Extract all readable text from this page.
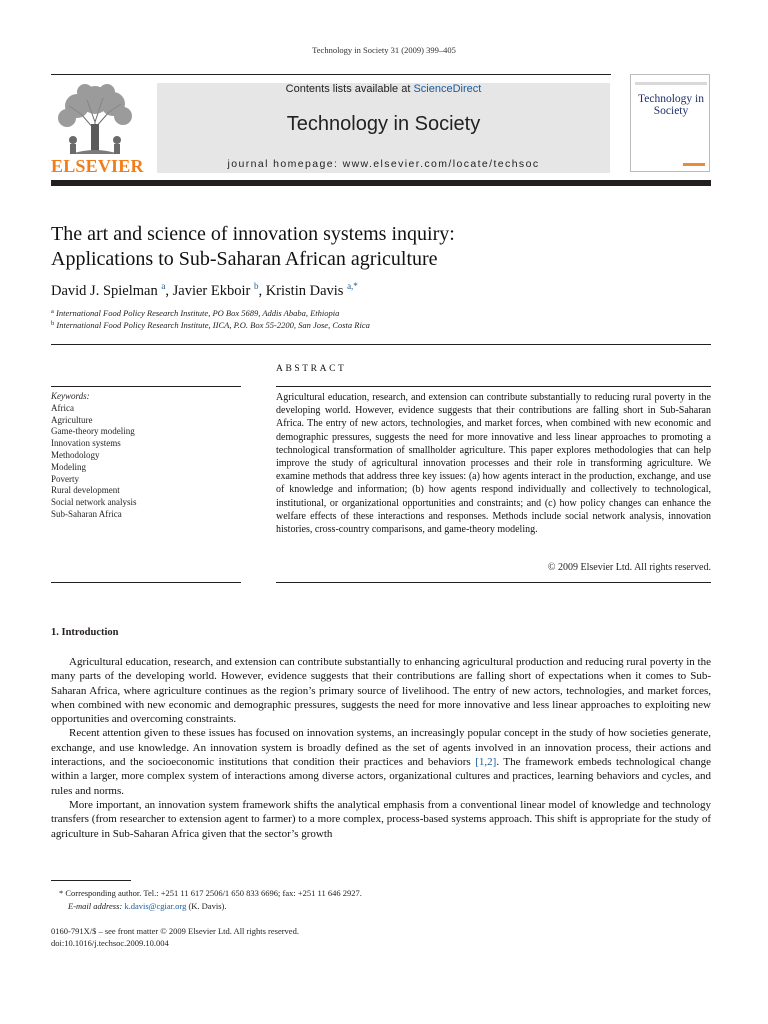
Technology in Society 31 (2009) 399–405
ELSEVIER
Contents lists available at ScienceDirect
Technology in Society
journal homepage: www.elsevier.com/locate/techsoc
Technology in Society
The art and science of innovation systems inquiry:
Applications to Sub-Saharan African agriculture
David J. Spielman $^a$, Javier Ekboir $^b$, Kristin Davis $^{a,*}$
$^a$ International Food Policy Research Institute, PO Box 5689, Addis Ababa, Ethiopia
$^b$ International Food Policy Research Institute, IICA, P.O. Box 55-2200, San Jose, Costa Rica
ABSTRACT
Keywords:
Africa
Agriculture
Game-theory modeling
Innovation systems
Methodology
Modeling
Poverty
Rural development
Social network analysis
Sub-Saharan Africa
Agricultural education, research, and extension can contribute substantially to reducing rural poverty in the developing world. However, evidence suggests that their contributions are falling short in Sub-Saharan Africa. The entry of new actors, technologies, and market forces, when combined with new economic and demographic pressures, suggests the need for more innovative and less linear approaches to promoting a technological transformation of smallholder agriculture. This paper explores methodologies that can help improve the study of agricultural innovation processes and their role in transforming agriculture. We examine methods that address three key issues: (a) how agents interact in the production, exchange, and use of knowledge and information; (b) how agents respond individually and collectively to technological, institutional, or organizational opportunities and constraints; and (c) how policy changes can enhance the welfare effects of these interactions and responses. Methods include social network analysis, innovation histories, cross-country comparisons, and game-theory modeling.
© 2009 Elsevier Ltd. All rights reserved.
1. Introduction

Agricultural education, research, and extension can contribute substantially to enhancing agricultural production and reducing rural poverty in the many parts of the developing world. However, evidence suggests that their contributions are falling short of expectations when it comes to Sub-Saharan Africa, where agriculture continues as the region’s primary source of livelihood. The entry of new actors, technologies, and market forces, when combined with new economic and demographic pressures, suggests the need for more innovative and less linear approaches to exploiting new opportunities and overcoming constraints.

Recent attention given to these issues has focused on innovation systems, an increasingly popular concept in the study of how societies generate, exchange, and use knowledge. An innovation system is broadly defined as the set of agents involved in an innovation process, their actions and interactions, and the socioeconomic institutions that condition their practices and behaviors [1,2]. The framework embeds technological change within a larger, more complex system of interactions among diverse actors, organizational cultures and practices, learning behaviors and cycles, and rules and norms.

More important, an innovation system framework shifts the analytical emphasis from a conventional linear model of knowledge and technology transfers (from researcher to extension agent to farmer) to a more complex, process-based systems approach. This shift is appropriate for the study of agriculture in Sub-Saharan Africa given that the sector’s growth

* Corresponding author. Tel.: +251 11 617 2506/1 650 833 6696; fax: +251 11 646 2927.
E-mail address: k.davis@cgiar.org (K. Davis).
0160-791X/$ – see front matter © 2009 Elsevier Ltd. All rights reserved.
doi:10.1016/j.techsoc.2009.10.004
